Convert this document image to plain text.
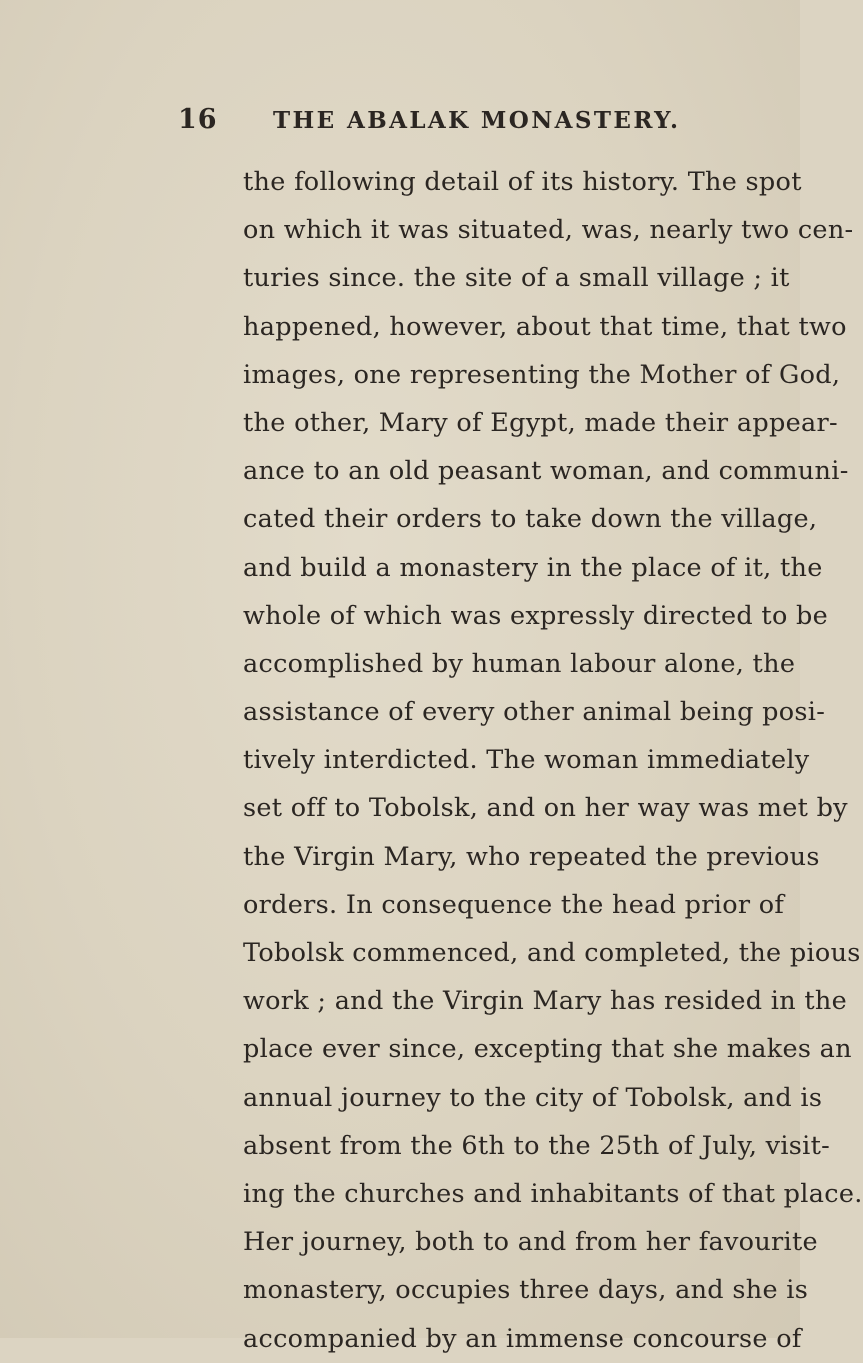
16 THE ABALAK MONASTERY.
the following detail of its history. The spot
on which it was situated, was, nearly two cen-
turies since. the site of a small village ; it
happened, however, about that time, that two
images, one representing the Mother of God,
the other, Mary of Egypt, made their appear-
ance to an old peasant woman, and communi-
cated their orders to take down the village,
and build a monastery in the place of it, the
whole of which was expressly directed to be
accomplished by human labour alone, the
assistance of every other animal being posi-
tively interdicted. The woman immediately
set off to Tobolsk, and on her way was met by
the Virgin Mary, who repeated the previous
orders. In consequence the head prior of
Tobolsk commenced, and completed, the pious
work ; and the Virgin Mary has resided in the
place ever since, excepting that she makes an
annual journey to the city of Tobolsk, and is
absent from the 6th to the 25th of July, visit-
ing the churches and inhabitants of that place.
Her journey, both to and from her favourite
monastery, occupies three days, and she is
accompanied by an immense concourse of
